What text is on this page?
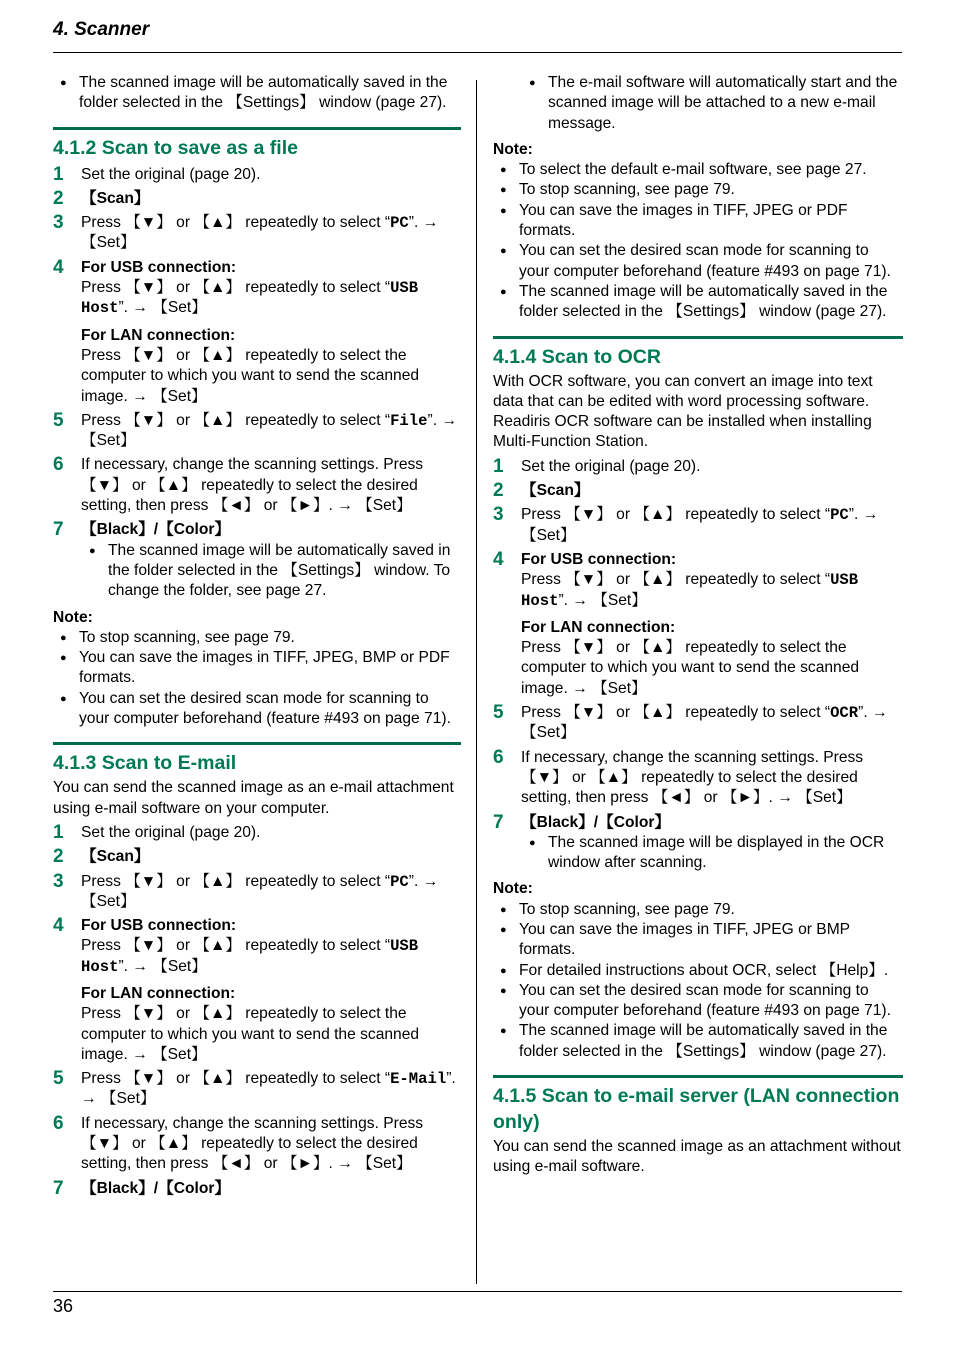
4. Scanner

● The scanned image will be automatically saved in the folder selected in the 【Settings】 window (page 27).

4.1.2 Scan to save as a file
1	Set the original (page 20).
2	【Scan】
3	Press 【▼】 or 【▲】 repeatedly to select “PC”. → 【Set】
4	For USB connection:
Press 【▼】 or 【▲】 repeatedly to select “USB Host”. → 【Set】
For LAN connection:
Press 【▼】 or 【▲】 repeatedly to select the computer to which you want to send the scanned image. → 【Set】
5	Press 【▼】 or 【▲】 repeatedly to select “File”. → 【Set】
6	If necessary, change the scanning settings. Press 【▼】 or 【▲】 repeatedly to select the desired setting, then press 【◄】 or 【►】. → 【Set】
7	【Black】/【Color】

● The scanned image will be automatically saved in the folder selected in the 【Settings】 window. To change the folder, see page 27.

Note:

● To stop scanning, see page 79.

● You can save the images in TIFF, JPEG, BMP or PDF formats.

● You can set the desired scan mode for scanning to your computer beforehand (feature #493 on page 71).

4.1.3 Scan to E-mail

You can send the scanned image as an e-mail attachment using e-mail software on your computer.

1	Set the original (page 20).
2	【Scan】
3	Press 【▼】 or 【▲】 repeatedly to select “PC”. → 【Set】
4	For USB connection:
Press 【▼】 or 【▲】 repeatedly to select “USB Host”. → 【Set】
For LAN connection:
Press 【▼】 or 【▲】 repeatedly to select the computer to which you want to send the scanned image. → 【Set】
5	Press 【▼】 or 【▲】 repeatedly to select “E-Mail”. → 【Set】
6	If necessary, change the scanning settings. Press 【▼】 or 【▲】 repeatedly to select the desired setting, then press 【◄】 or 【►】. → 【Set】
7	【Black】/【Color】

● The e-mail software will automatically start and the scanned image will be attached to a new e-mail message.

Note:

● To select the default e-mail software, see page 27.

● To stop scanning, see page 79.

● You can save the images in TIFF, JPEG or PDF formats.

● You can set the desired scan mode for scanning to your computer beforehand (feature #493 on page 71).

● The scanned image will be automatically saved in the folder selected in the 【Settings】 window (page 27).

4.1.4 Scan to OCR

With OCR software, you can convert an image into text data that can be edited with word processing software. Readiris OCR software can be installed when installing Multi-Function Station.

1	Set the original (page 20).
2	【Scan】
3	Press 【▼】 or 【▲】 repeatedly to select “PC”. → 【Set】
4	For USB connection:
Press 【▼】 or 【▲】 repeatedly to select “USB Host”. → 【Set】
For LAN connection:
Press 【▼】 or 【▲】 repeatedly to select the computer to which you want to send the scanned image. → 【Set】
5	Press 【▼】 or 【▲】 repeatedly to select “OCR”. → 【Set】
6	If necessary, change the scanning settings. Press 【▼】 or 【▲】 repeatedly to select the desired setting, then press 【◄】 or 【►】. → 【Set】
7	【Black】/【Color】

● The scanned image will be displayed in the OCR window after scanning.

Note:

● To stop scanning, see page 79.

● You can save the images in TIFF, JPEG or BMP formats.

● For detailed instructions about OCR, select 【Help】.

● You can set the desired scan mode for scanning to your computer beforehand (feature #493 on page 71).

● The scanned image will be automatically saved in the folder selected in the 【Settings】 window (page 27).

4.1.5 Scan to e-mail server (LAN connection only)

You can send the scanned image as an attachment without using e-mail software.

36
